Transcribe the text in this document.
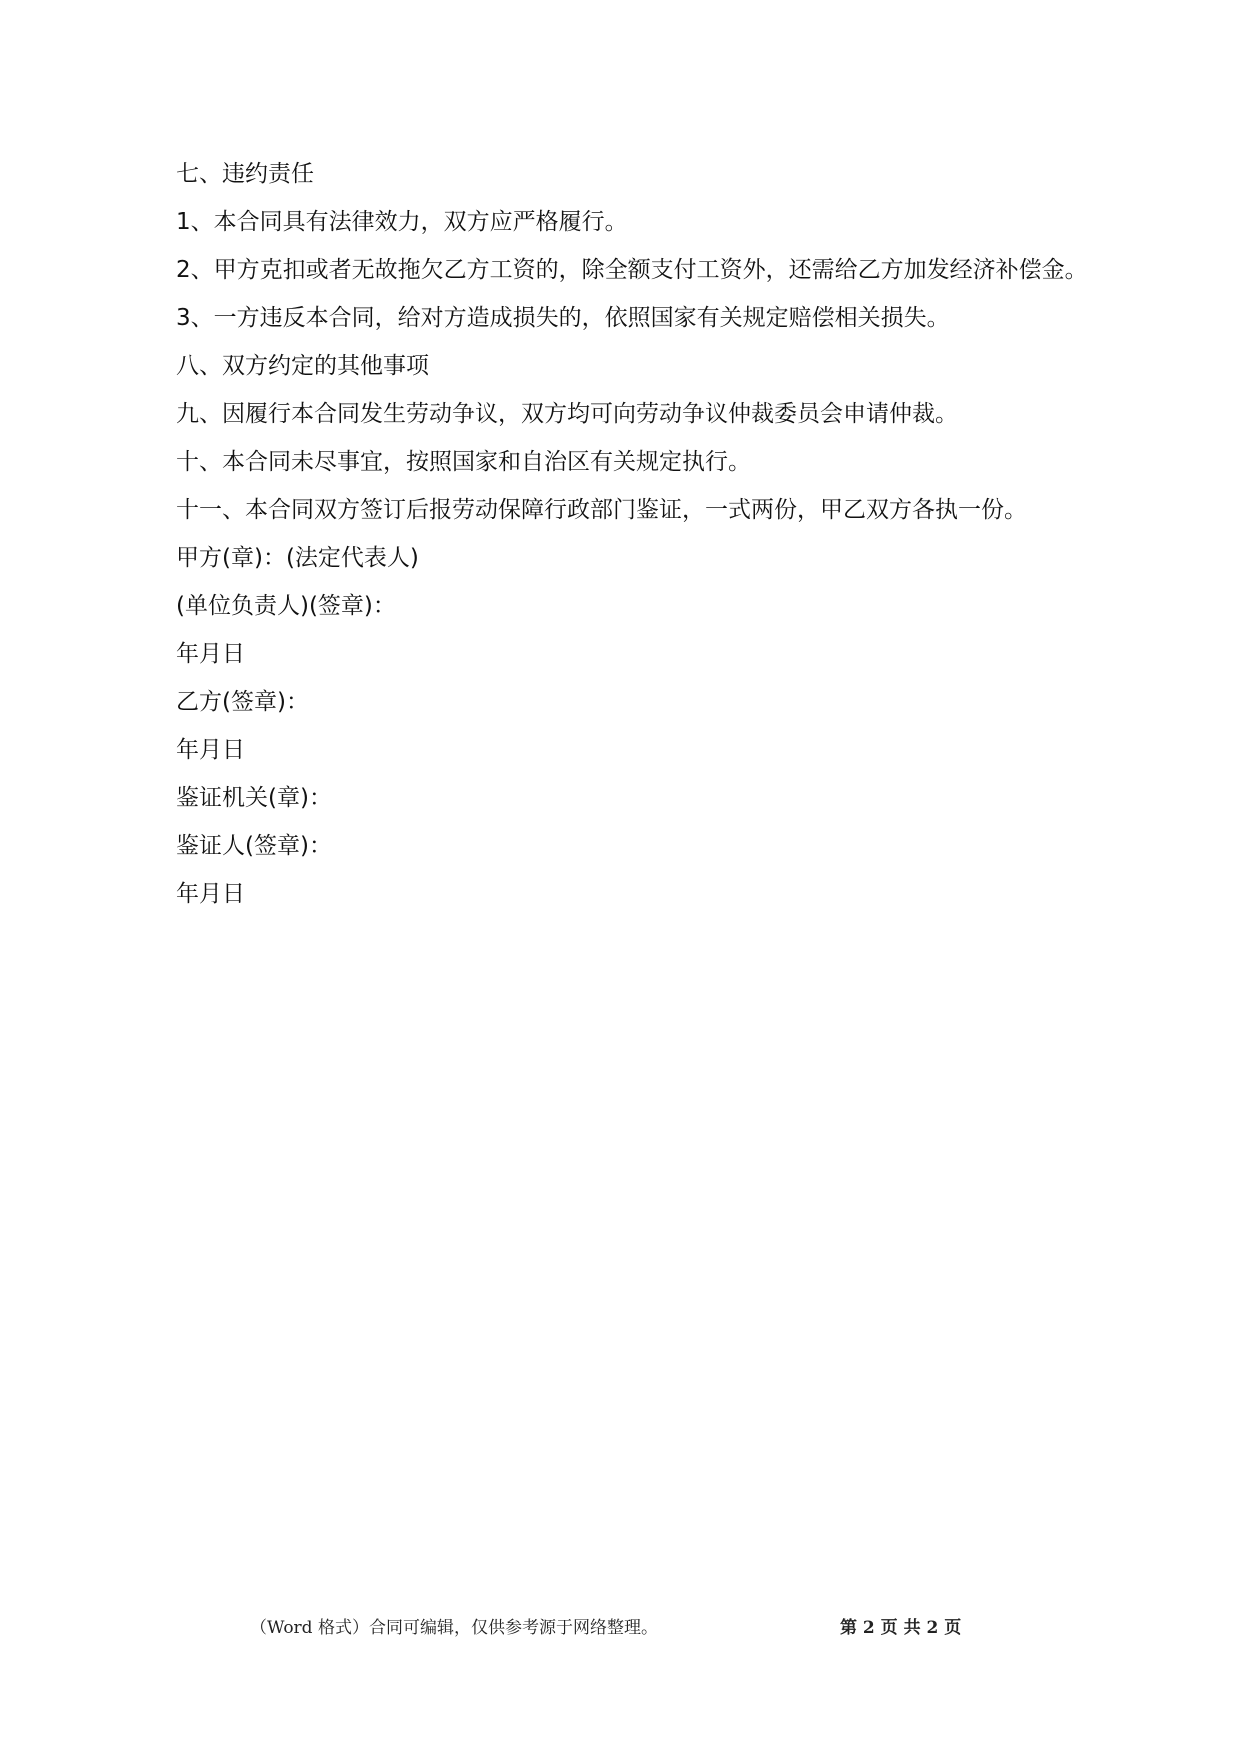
七、违约责任

1、本合同具有法律效力，双方应严格履行。

2、甲方克扣或者无故拖欠乙方工资的，除全额支付工资外，还需给乙方加发经济补偿金。

3、一方违反本合同，给对方造成损失的，依照国家有关规定赔偿相关损失。

八、双方约定的其他事项

九、因履行本合同发生劳动争议，双方均可向劳动争议仲裁委员会申请仲裁。

十、本合同未尽事宜，按照国家和自治区有关规定执行。

十一、本合同双方签订后报劳动保障行政部门鉴证，一式两份，甲乙双方各执一份。

甲方(章)：(法定代表人)

(单位负责人)(签章)：

年月日

乙方(签章)：

年月日

鉴证机关(章)：

鉴证人(签章)：

年月日

（Word 格式）合同可编辑，仅供参考源于网络整理。	第 2 页 共 2 页
